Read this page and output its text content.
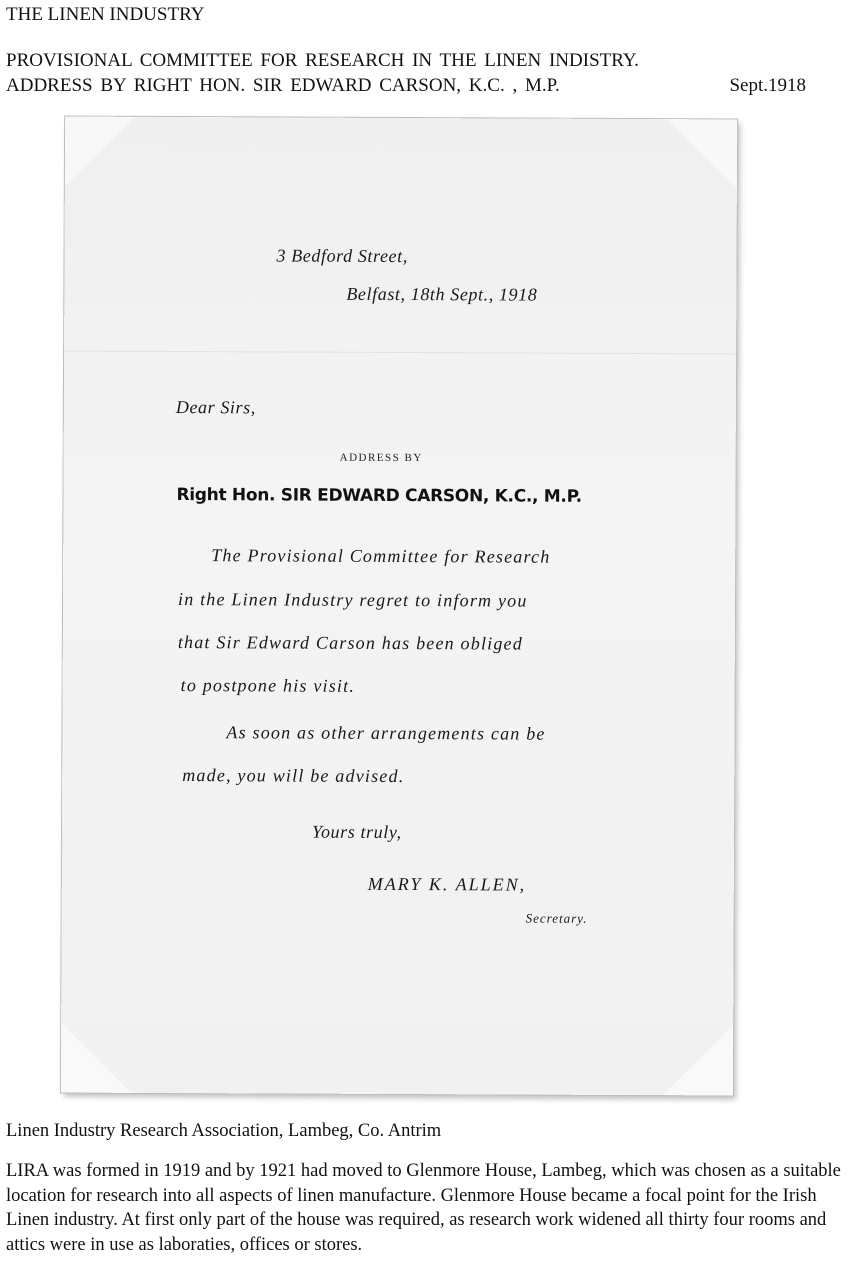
THE LINEN INDUSTRY
PROVISIONAL COMMITTEE FOR RESEARCH IN THE LINEN INDISTRY.
ADDRESS BY RIGHT HON. SIR EDWARD CARSON, K.C. , M.P.	Sept.1918
3 Bedford Street,
Belfast, 18th Sept., 1918
Dear Sirs,
ADDRESS BY
Right Hon. SIR EDWARD CARSON, K.C., M.P.
The Provisional Committee for Research
in the Linen Industry regret to inform you
that Sir Edward Carson has been obliged
to postpone his visit.
As soon as other arrangements can be
made, you will be advised.
Yours truly,
MARY K. ALLEN,
Secretary.
Linen Industry Research Association, Lambeg, Co. Antrim
LIRA was formed in 1919 and by 1921 had moved to Glenmore House, Lambeg, which was chosen as a suitable location for research into all aspects of linen manufacture. Glenmore House became a focal point for the Irish Linen industry. At first only part of the house was required, as research work widened all thirty four rooms and attics were in use as laboraties, offices or stores.
